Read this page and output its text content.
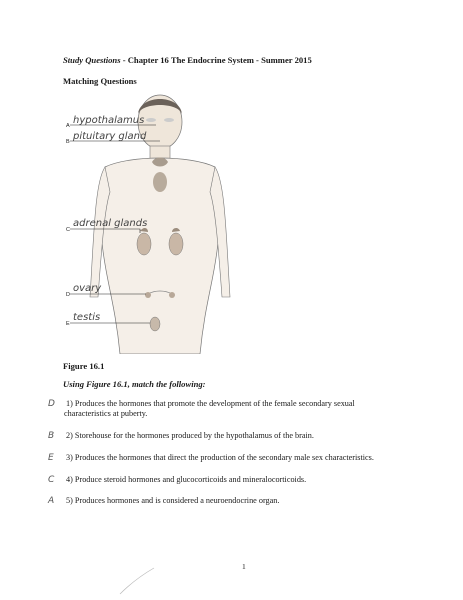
Study Questions - Chapter 16 The Endocrine System - Summer 2015
Matching Questions
A
B
C
D
E
hypothalamus
pituitary gland
adrenal glands
ovary
testis
Figure 16.1
Using Figure 16.1, match the following:
D 1) Produces the hormones that promote the development of the female secondary sexual
characteristics at puberty.
B 2) Storehouse for the hormones produced by the hypothalamus of the brain.
E 3) Produces the hormones that direct the production of the secondary male sex characteristics.
C 4) Produce steroid hormones and glucocorticoids and mineralocorticoids.
A 5) Produces hormones and is considered a neuroendocrine organ.
1
